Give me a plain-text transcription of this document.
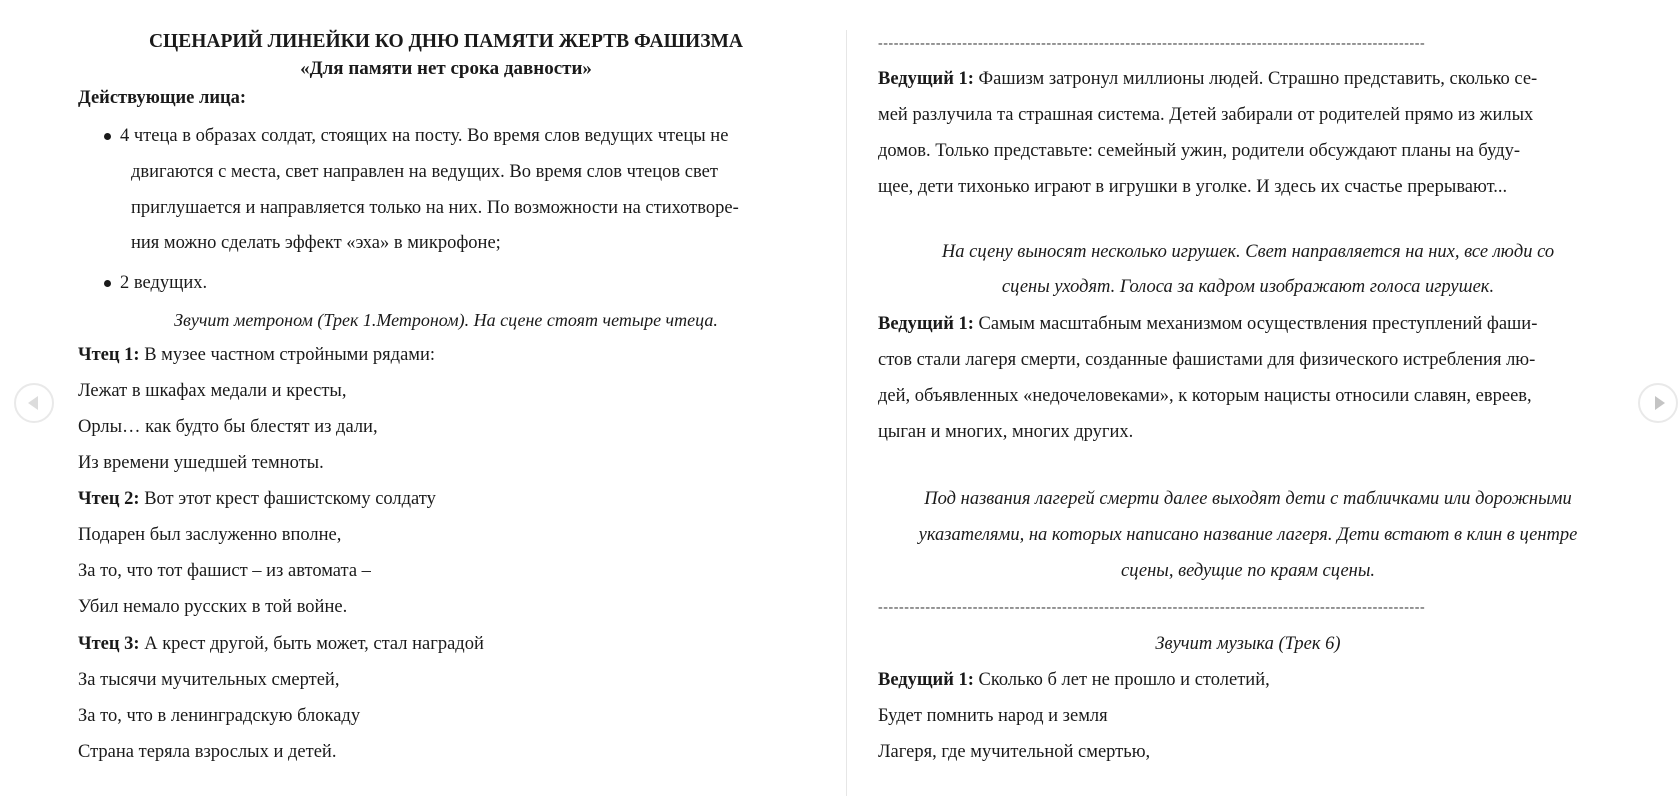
СЦЕНАРИЙ ЛИНЕЙКИ КО ДНЮ ПАМЯТИ ЖЕРТВ ФАШИЗМА
«Для памяти нет срока давности»
Действующие лица:
4 чтеца в образах солдат, стоящих на посту. Во время слов ведущих чтецы не
двигаются с места, свет направлен на ведущих. Во время слов чтецов свет
приглушается и направляется только на них. По возможности на стихотворе-
ния можно сделать эффект «эха» в микрофоне;
2 ведущих.
Звучит метроном (Трек 1.Метроном). На сцене стоят четыре чтеца.
Чтец 1: В музее частном стройными рядами:
Лежат в шкафах медали и кресты,
Орлы… как будто бы блестят из дали,
Из времени ушедшей темноты.
Чтец 2: Вот этот крест фашистскому солдату
Подарен был заслуженно вполне,
За то, что тот фашист – из автомата –
Убил немало русских в той войне.
Чтец 3: А крест другой, быть может, стал наградой
За тысячи мучительных смертей,
За то, что в ленинградскую блокаду
Страна теряла взрослых и детей.
--------------------------------------------------------------------------------------------------------
Ведущий 1: Фашизм затронул миллионы людей. Страшно представить, сколько се-
мей разлучила та страшная система. Детей забирали от родителей прямо из жилых
домов. Только представьте: семейный ужин, родители обсуждают планы на буду-
щее, дети тихонько играют в игрушки в уголке. И здесь их счастье прерывают...
На сцену выносят несколько игрушек. Свет направляется на них, все люди со
сцены уходят. Голоса за кадром изображают голоса игрушек.
Ведущий 1: Самым масштабным механизмом осуществления преступлений фаши-
стов стали лагеря смерти, созданные фашистами для физического истребления лю-
дей, объявленных «недочеловеками», к которым нацисты относили славян, евреев,
цыган и многих, многих других.
Под названия лагерей смерти далее выходят дети с табличками или дорожными
указателями, на которых написано название лагеря. Дети встают в клин в центре
сцены, ведущие по краям сцены.
--------------------------------------------------------------------------------------------------------
Звучит музыка (Трек 6)
Ведущий 1: Сколько б лет не прошло и столетий,
Будет помнить народ и земля
Лагеря, где мучительной смертью,
